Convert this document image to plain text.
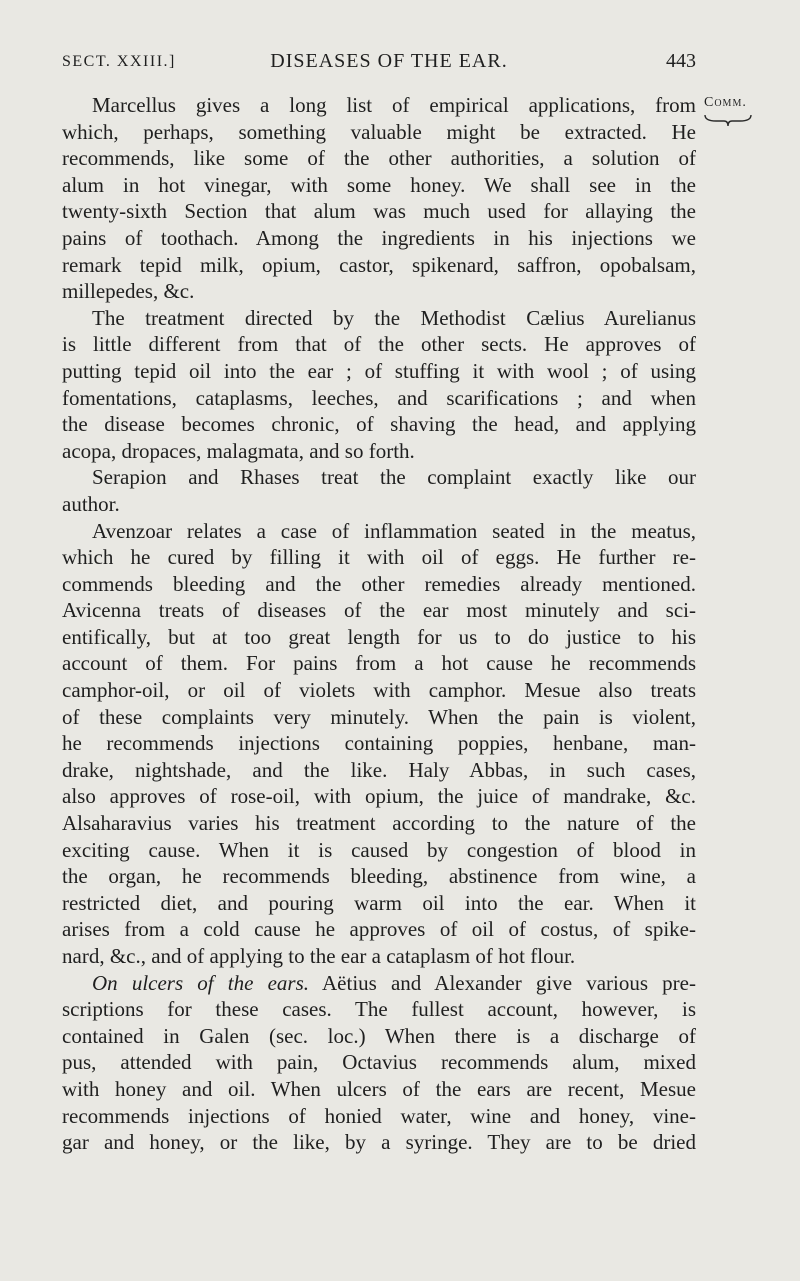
SECT. XXIII.]	DISEASES OF THE EAR.	443
Comm.
Marcellus gives a long list of empirical applications, from
which, perhaps, something valuable might be extracted. He
recommends, like some of the other authorities, a solution of
alum in hot vinegar, with some honey. We shall see in the
twenty-sixth Section that alum was much used for allaying the
pains of toothach. Among the ingredients in his injections we
remark tepid milk, opium, castor, spikenard, saffron, opobalsam,
millepedes, &c.
The treatment directed by the Methodist Cælius Aurelianus
is little different from that of the other sects. He approves of
putting tepid oil into the ear ; of stuffing it with wool ; of using
fomentations, cataplasms, leeches, and scarifications ; and when
the disease becomes chronic, of shaving the head, and applying
acopa, dropaces, malagmata, and so forth.
Serapion and Rhases treat the complaint exactly like our
author.
Avenzoar relates a case of inflammation seated in the meatus,
which he cured by filling it with oil of eggs. He further re-
commends bleeding and the other remedies already mentioned.
Avicenna treats of diseases of the ear most minutely and sci-
entifically, but at too great length for us to do justice to his
account of them. For pains from a hot cause he recommends
camphor-oil, or oil of violets with camphor. Mesue also treats
of these complaints very minutely. When the pain is violent,
he recommends injections containing poppies, henbane, man-
drake, nightshade, and the like. Haly Abbas, in such cases,
also approves of rose-oil, with opium, the juice of mandrake, &c.
Alsaharavius varies his treatment according to the nature of the
exciting cause. When it is caused by congestion of blood in
the organ, he recommends bleeding, abstinence from wine, a
restricted diet, and pouring warm oil into the ear. When it
arises from a cold cause he approves of oil of costus, of spike-
nard, &c., and of applying to the ear a cataplasm of hot flour.
On ulcers of the ears. Aëtius and Alexander give various pre-
scriptions for these cases. The fullest account, however, is
contained in Galen (sec. loc.) When there is a discharge of
pus, attended with pain, Octavius recommends alum, mixed
with honey and oil. When ulcers of the ears are recent, Mesue
recommends injections of honied water, wine and honey, vine-
gar and honey, or the like, by a syringe. They are to be dried
